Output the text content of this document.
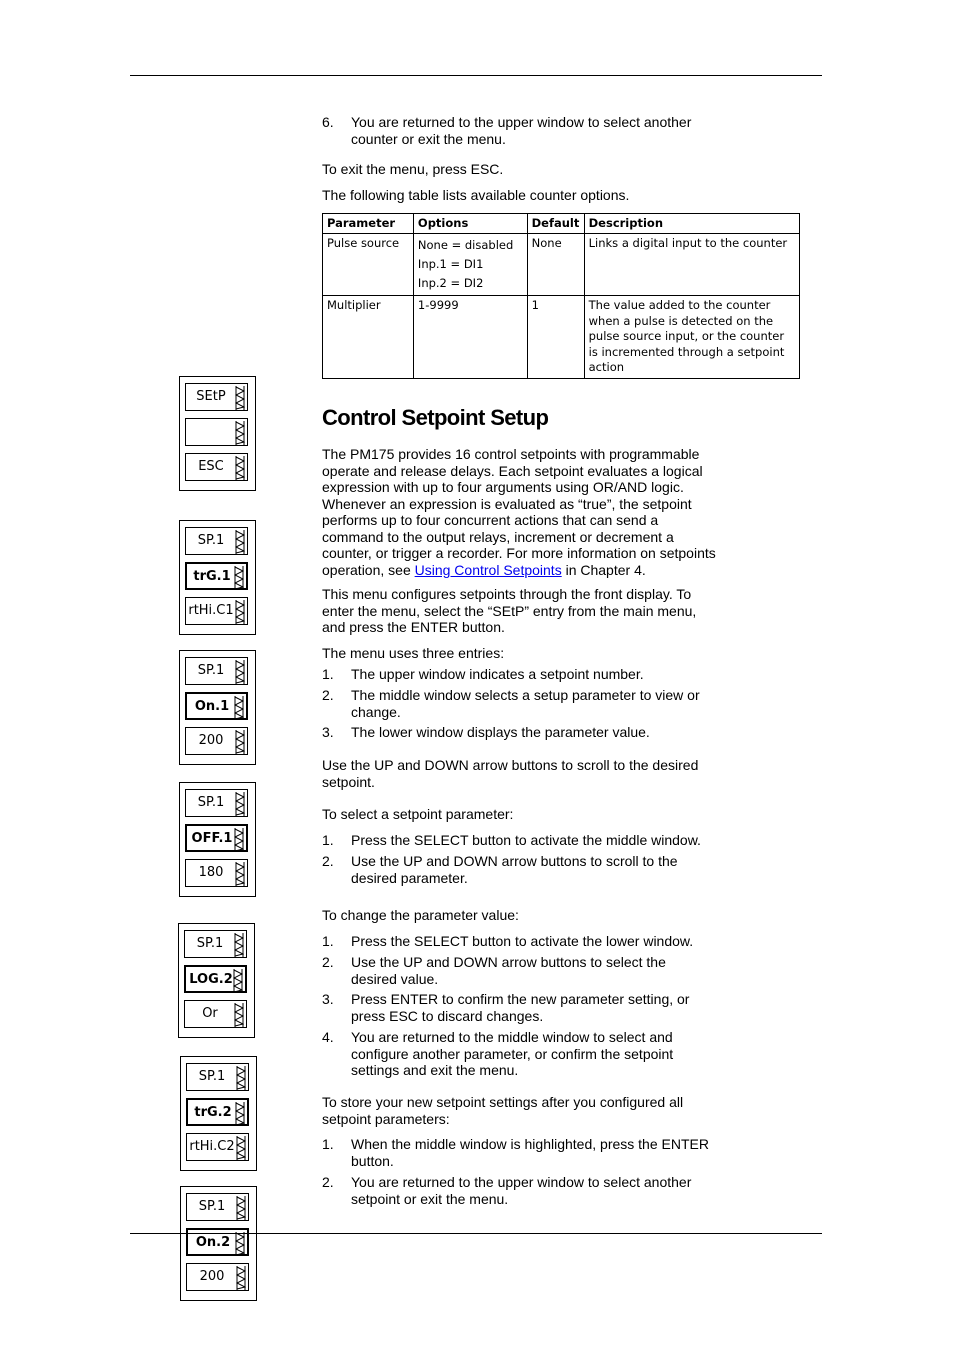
6. You are returned to the upper window to select another counter or exit the menu.
To exit the menu, press ESC.
The following table lists available counter options.
Parameter	Options	Default	Description
Pulse source	None = disabled
Inp.1 = DI1
Inp.2 = DI2	None	Links a digital input to the counter
Multiplier	1-9999	1	The value added to the counter when a pulse is detected on the pulse source input, or the counter is incremented through a setpoint action
Control Setpoint Setup
The PM175 provides 16 control setpoints with programmable operate and release delays. Each setpoint evaluates a logical expression with up to four arguments using OR/AND logic. Whenever an expression is evaluated as “true”, the setpoint performs up to four concurrent actions that can send a command to the output relays, increment or decrement a counter, or trigger a recorder. For more information on setpoints operation, see Using Control Setpoints in Chapter 4.
This menu configures setpoints through the front display. To enter the menu, select the “SEtP” entry from the main menu, and press the ENTER button.
The menu uses three entries:
1. The upper window indicates a setpoint number.
2. The middle window selects a setup parameter to view or change.
3. The lower window displays the parameter value.
Use the UP and DOWN arrow buttons to scroll to the desired setpoint.
To select a setpoint parameter:
1. Press the SELECT button to activate the middle window.
2. Use the UP and DOWN arrow buttons to scroll to the desired parameter.
To change the parameter value:
1. Press the SELECT button to activate the lower window.
2. Use the UP and DOWN arrow buttons to select the desired value.
3. Press ENTER to confirm the new parameter setting, or press ESC to discard changes.
4. You are returned to the middle window to select and configure another parameter, or confirm the setpoint settings and exit the menu.
To store your new setpoint settings after you configured all setpoint parameters:
1. When the middle window is highlighted, press the ENTER button.
2. You are returned to the upper window to select another setpoint or exit the menu.
SEtP
ESC
SP.1
trG.1
rtHi.C1
SP.1
On.1
200
SP.1
OFF.1
180
SP.1
LOG.2
Or
SP.1
trG.2
rtHi.C2
SP.1
On.2
200
